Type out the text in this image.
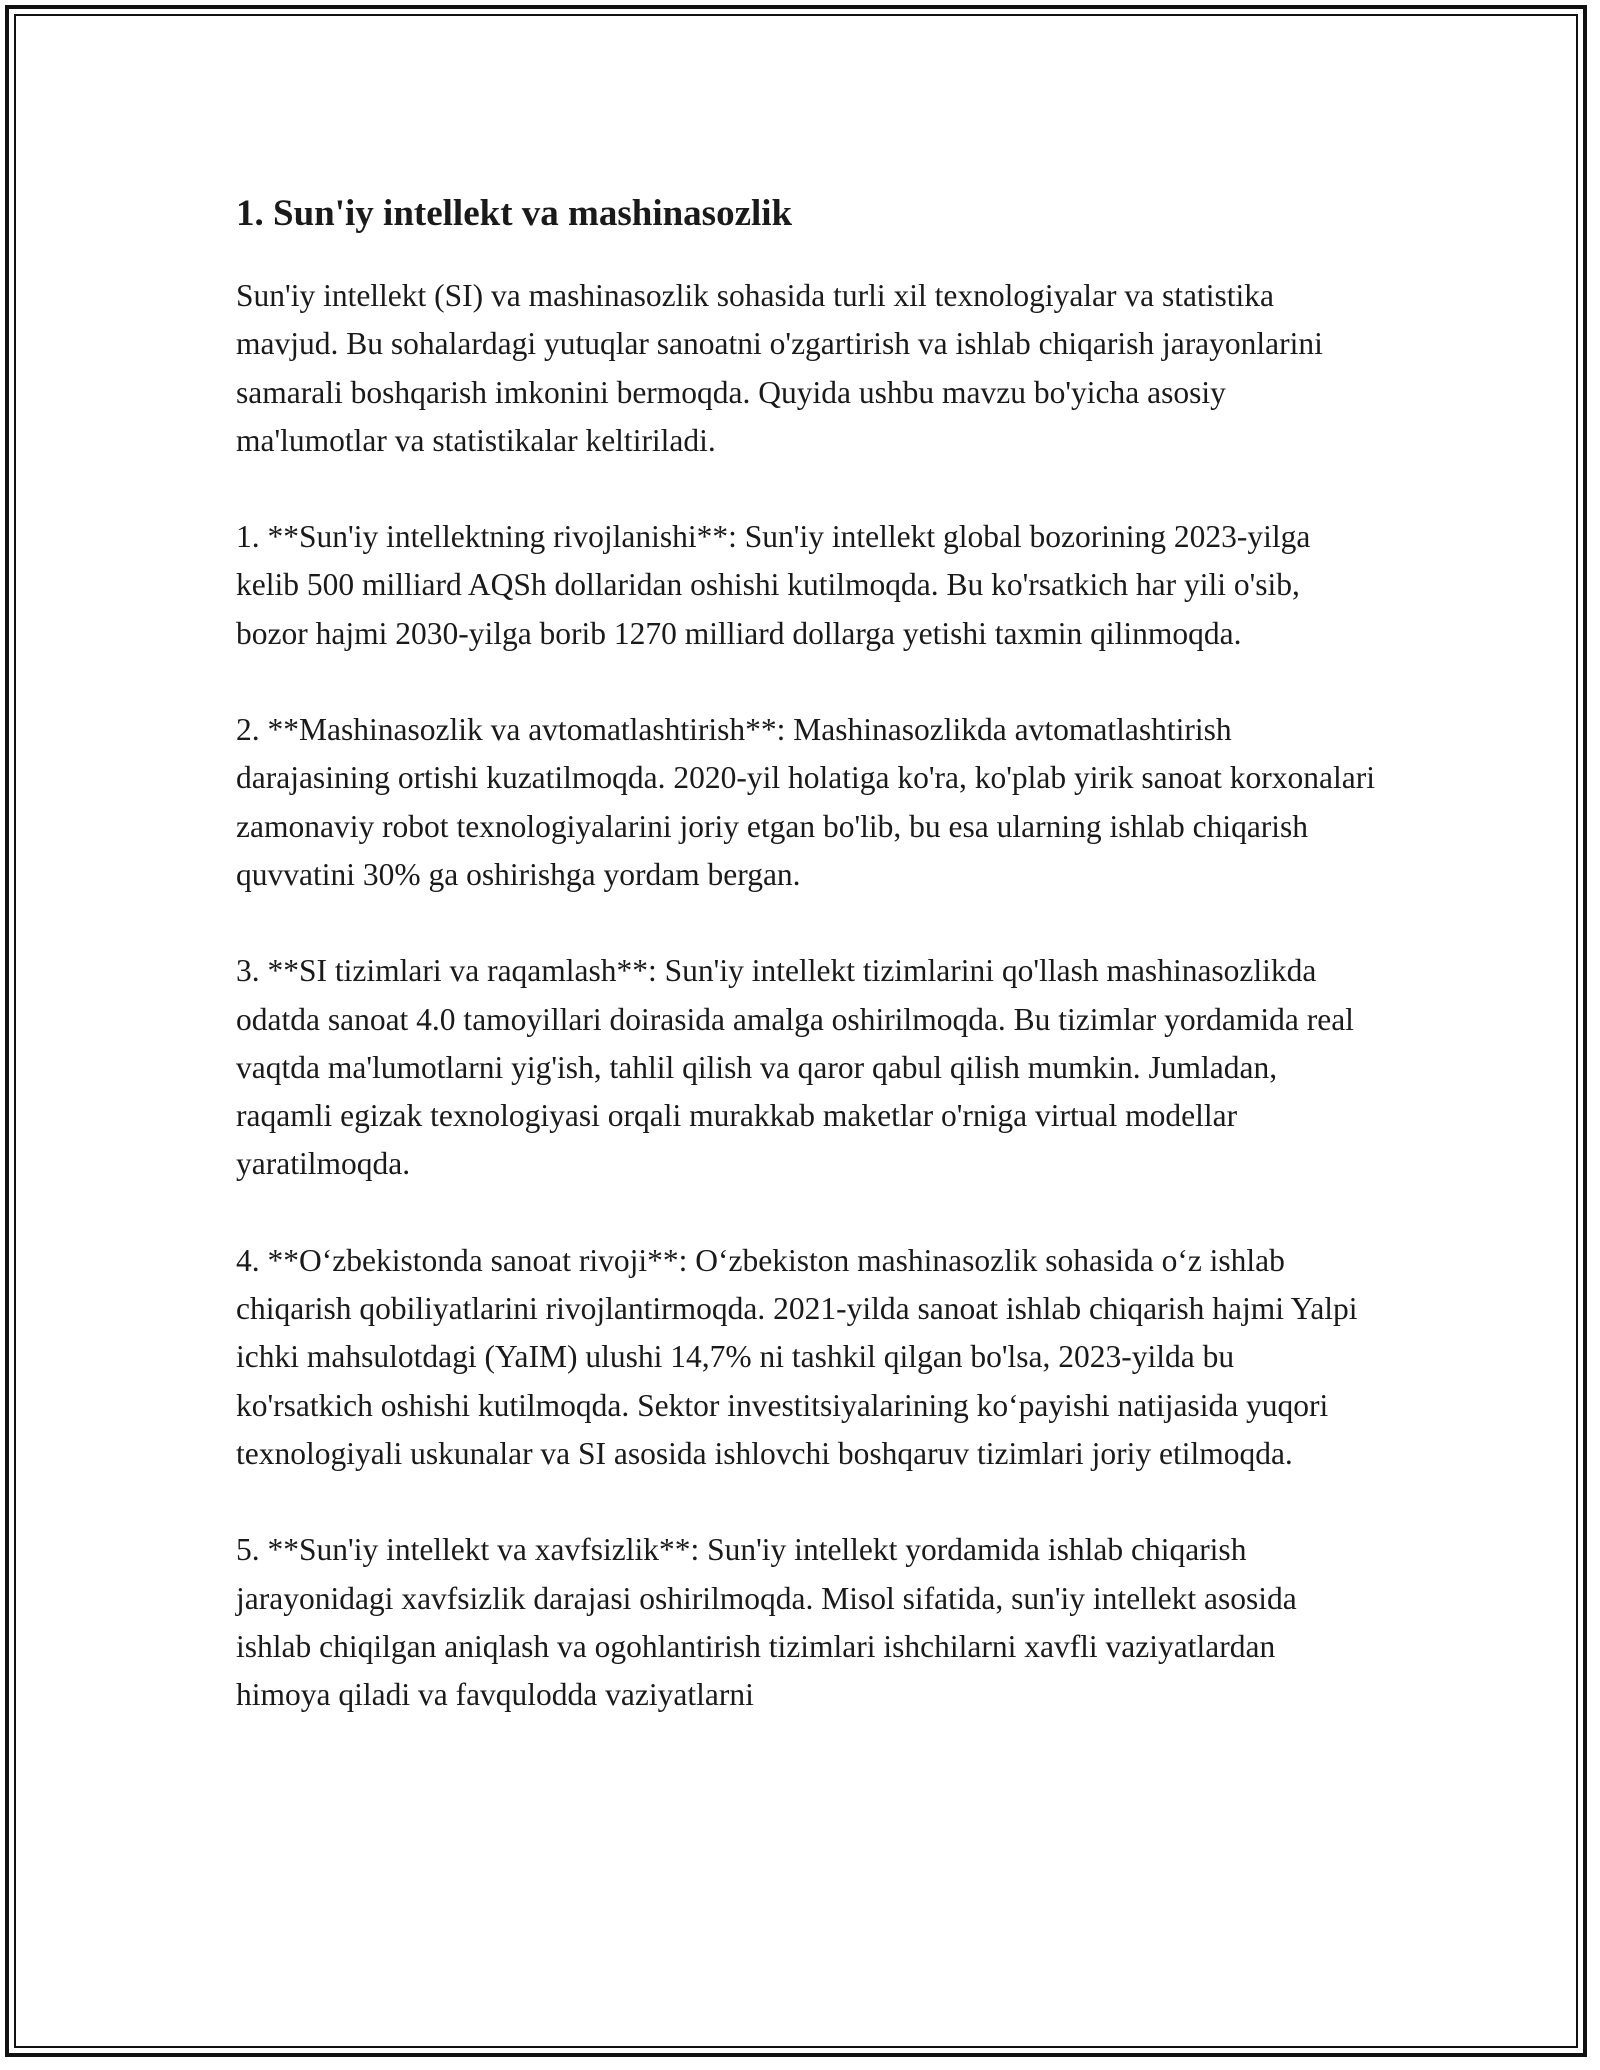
1. Sun'iy intellekt va mashinasozlik

Sun'iy intellekt (SI) va mashinasozlik sohasida turli xil texnologiyalar va statistika mavjud. Bu sohalardagi yutuqlar sanoatni o'zgartirish va ishlab chiqarish jarayonlarini samarali boshqarish imkonini bermoqda. Quyida ushbu mavzu bo'yicha asosiy ma'lumotlar va statistikalar keltiriladi.

1. **Sun'iy intellektning rivojlanishi**: Sun'iy intellekt global bozorining 2023-yilga kelib 500 milliard AQSh dollaridan oshishi kutilmoqda. Bu ko'rsatkich har yili o'sib, bozor hajmi 2030-yilga borib 1270 milliard dollarga yetishi taxmin qilinmoqda.

2. **Mashinasozlik va avtomatlashtirish**: Mashinasozlikda avtomatlashtirish darajasining ortishi kuzatilmoqda. 2020-yil holatiga ko'ra, ko'plab yirik sanoat korxonalari zamonaviy robot texnologiyalarini joriy etgan bo'lib, bu esa ularning ishlab chiqarish quvvatini 30% ga oshirishga yordam bergan.

3. **SI tizimlari va raqamlash**: Sun'iy intellekt tizimlarini qo'llash mashinasozlikda odatda sanoat 4.0 tamoyillari doirasida amalga oshirilmoqda. Bu tizimlar yordamida real vaqtda ma'lumotlarni yig'ish, tahlil qilish va qaror qabul qilish mumkin. Jumladan, raqamli egizak texnologiyasi orqali murakkab maketlar o'rniga virtual modellar yaratilmoqda.

4. **O‘zbekistonda sanoat rivoji**: O‘zbekiston mashinasozlik sohasida o‘z ishlab chiqarish qobiliyatlarini rivojlantirmoqda. 2021-yilda sanoat ishlab chiqarish hajmi Yalpi ichki mahsulotdagi (YaIM) ulushi 14,7% ni tashkil qilgan bo'lsa, 2023-yilda bu ko'rsatkich oshishi kutilmoqda. Sektor investitsiyalarining ko‘payishi natijasida yuqori texnologiyali uskunalar va SI asosida ishlovchi boshqaruv tizimlari joriy etilmoqda.

5. **Sun'iy intellekt va xavfsizlik**: Sun'iy intellekt yordamida ishlab chiqarish jarayonidagi xavfsizlik darajasi oshirilmoqda. Misol sifatida, sun'iy intellekt asosida ishlab chiqilgan aniqlash va ogohlantirish tizimlari ishchilarni xavfli vaziyatlardan himoya qiladi va favqulodda vaziyatlarni
